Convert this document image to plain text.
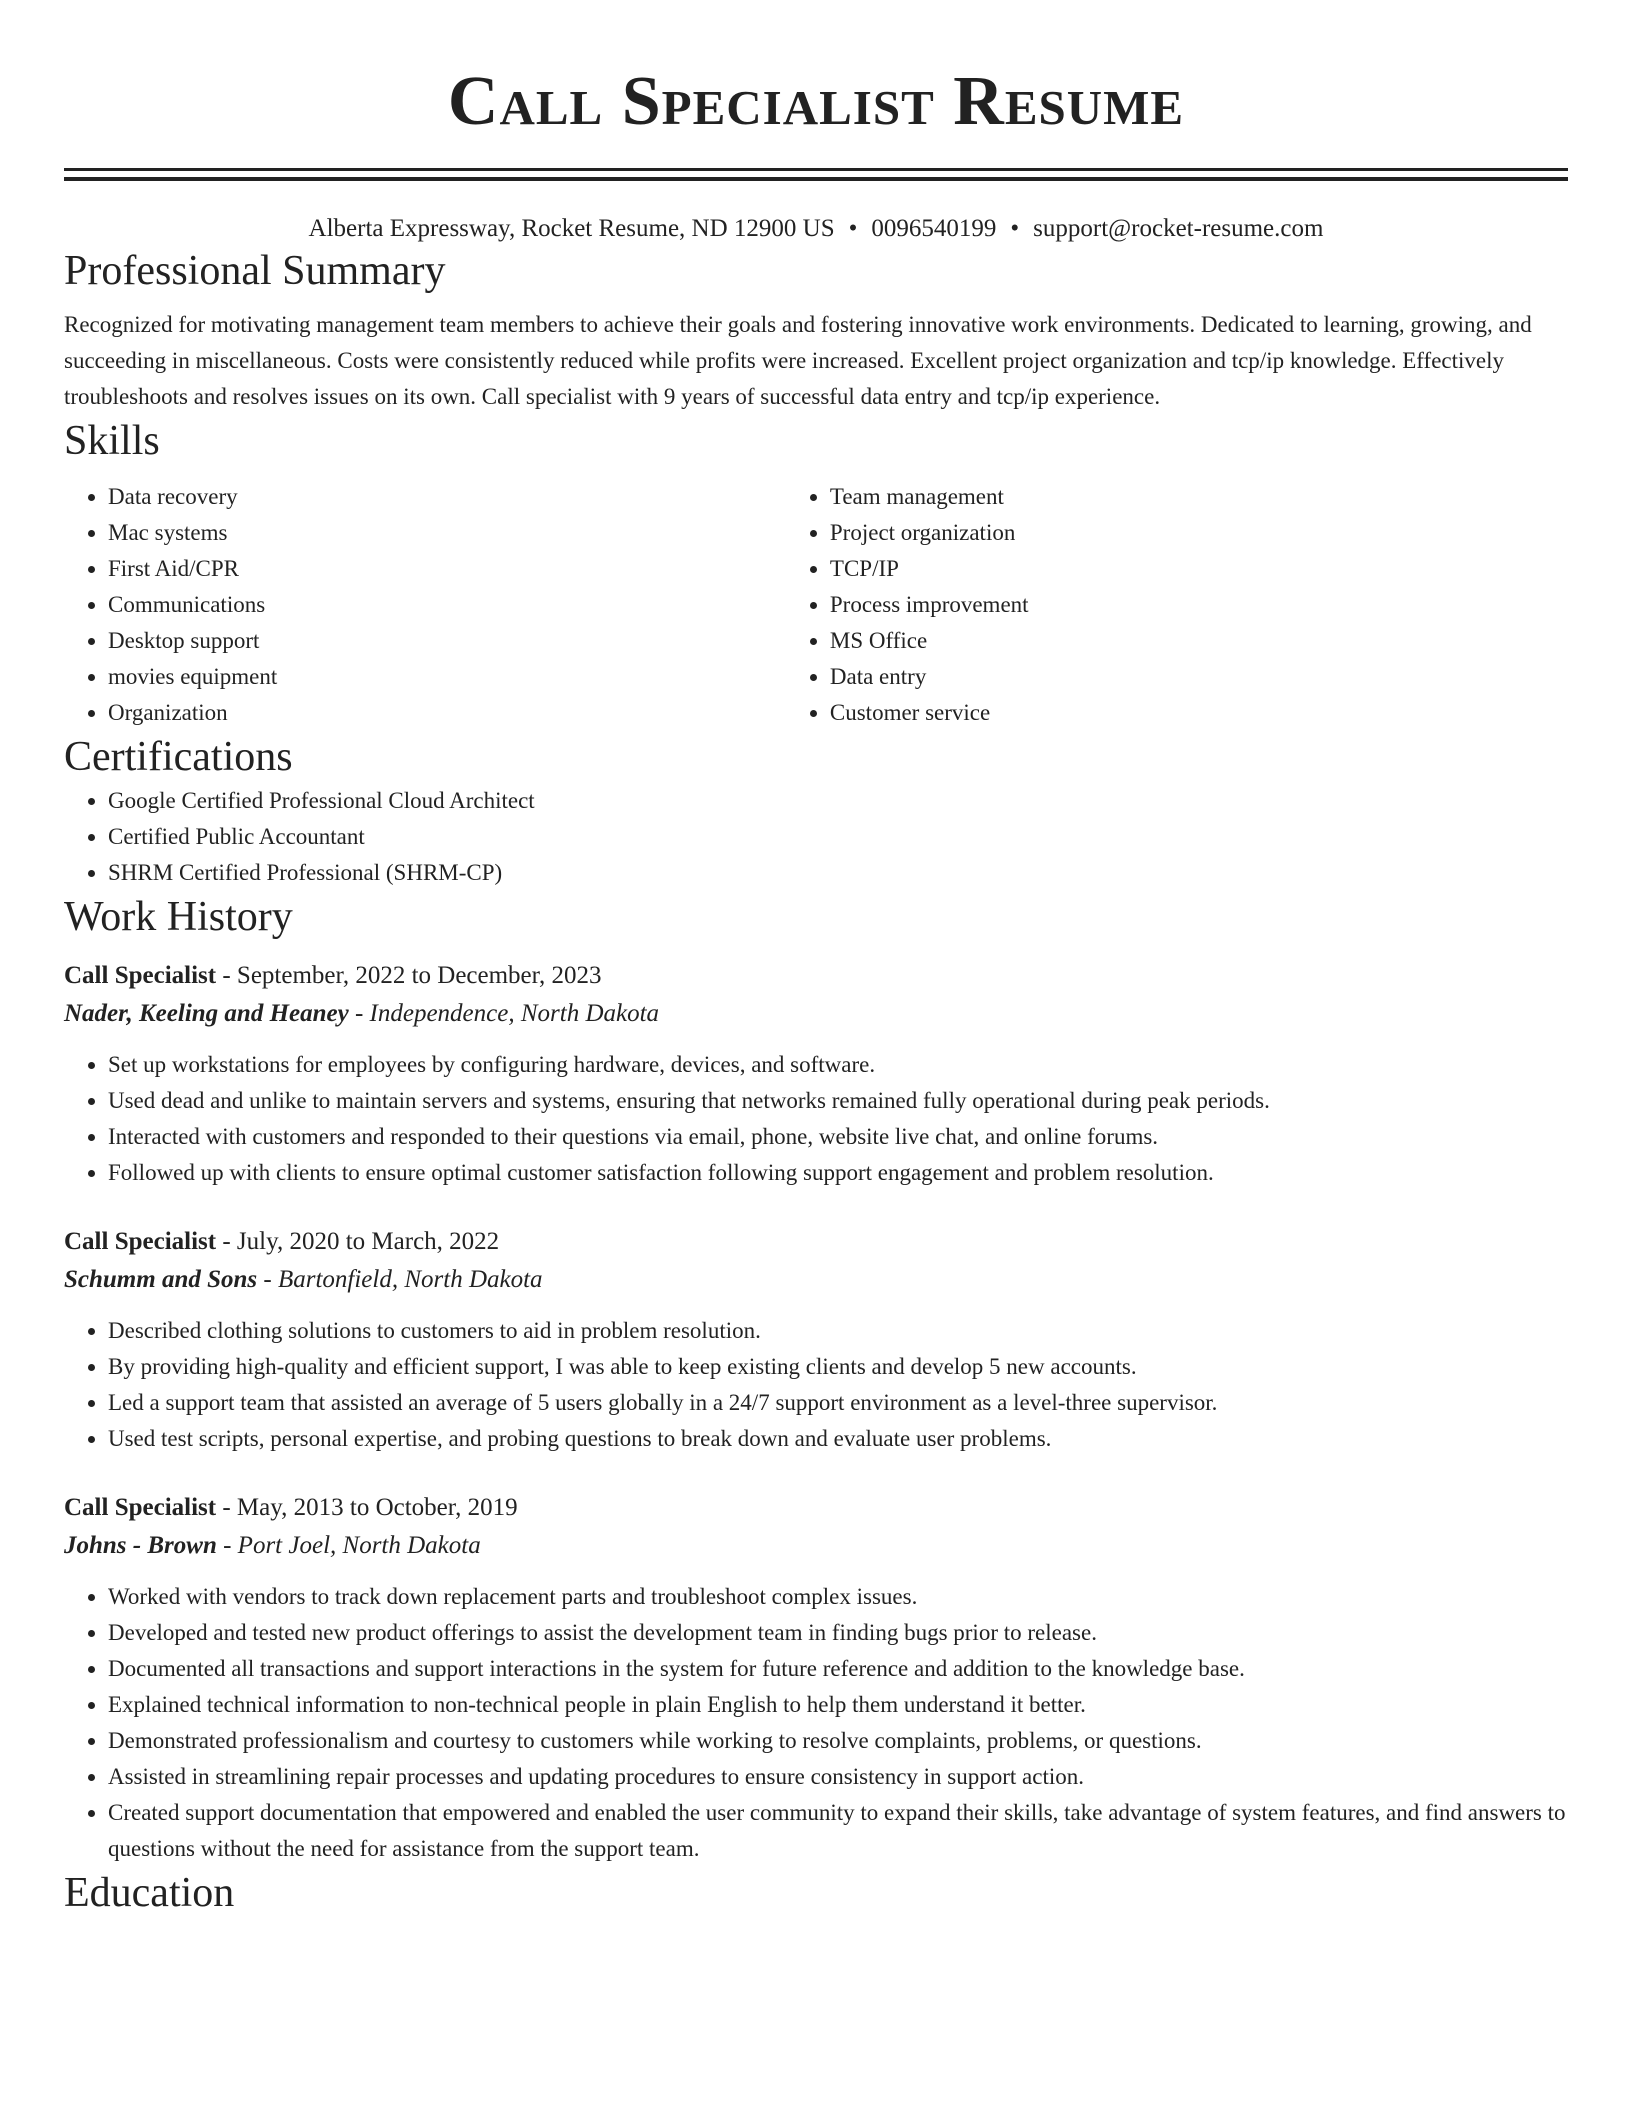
Call Specialist Resume
Alberta Expressway, Rocket Resume, ND 12900 US • 0096540199 • support@rocket-resume.com
Professional Summary

Recognized for motivating management team members to achieve their goals and fostering innovative work environments. Dedicated to learning, growing, and succeeding in miscellaneous. Costs were consistently reduced while profits were increased. Excellent project organization and tcp/ip knowledge. Effectively troubleshoots and resolves issues on its own. Call specialist with 9 years of successful data entry and tcp/ip experience.

Skills
• Data recovery
• Mac systems
• First Aid/CPR
• Communications
• Desktop support
• movies equipment
• Organization
• Team management
• Project organization
• TCP/IP
• Process improvement
• MS Office
• Data entry
• Customer service
Certifications
• Google Certified Professional Cloud Architect
• Certified Public Accountant
• SHRM Certified Professional (SHRM-CP)
Work History
Call Specialist - September, 2022 to December, 2023
Nader, Keeling and Heaney - Independence, North Dakota
• Set up workstations for employees by configuring hardware, devices, and software.
• Used dead and unlike to maintain servers and systems, ensuring that networks remained fully operational during peak periods.
• Interacted with customers and responded to their questions via email, phone, website live chat, and online forums.
• Followed up with clients to ensure optimal customer satisfaction following support engagement and problem resolution.
Call Specialist - July, 2020 to March, 2022
Schumm and Sons - Bartonfield, North Dakota
• Described clothing solutions to customers to aid in problem resolution.
• By providing high-quality and efficient support, I was able to keep existing clients and develop 5 new accounts.
• Led a support team that assisted an average of 5 users globally in a 24/7 support environment as a level-three supervisor.
• Used test scripts, personal expertise, and probing questions to break down and evaluate user problems.
Call Specialist - May, 2013 to October, 2019
Johns - Brown - Port Joel, North Dakota
• Worked with vendors to track down replacement parts and troubleshoot complex issues.
• Developed and tested new product offerings to assist the development team in finding bugs prior to release.
• Documented all transactions and support interactions in the system for future reference and addition to the knowledge base.
• Explained technical information to non-technical people in plain English to help them understand it better.
• Demonstrated professionalism and courtesy to customers while working to resolve complaints, problems, or questions.
• Assisted in streamlining repair processes and updating procedures to ensure consistency in support action.
• Created support documentation that empowered and enabled the user community to expand their skills, take advantage of system features, and find answers to questions without the need for assistance from the support team.
Education
